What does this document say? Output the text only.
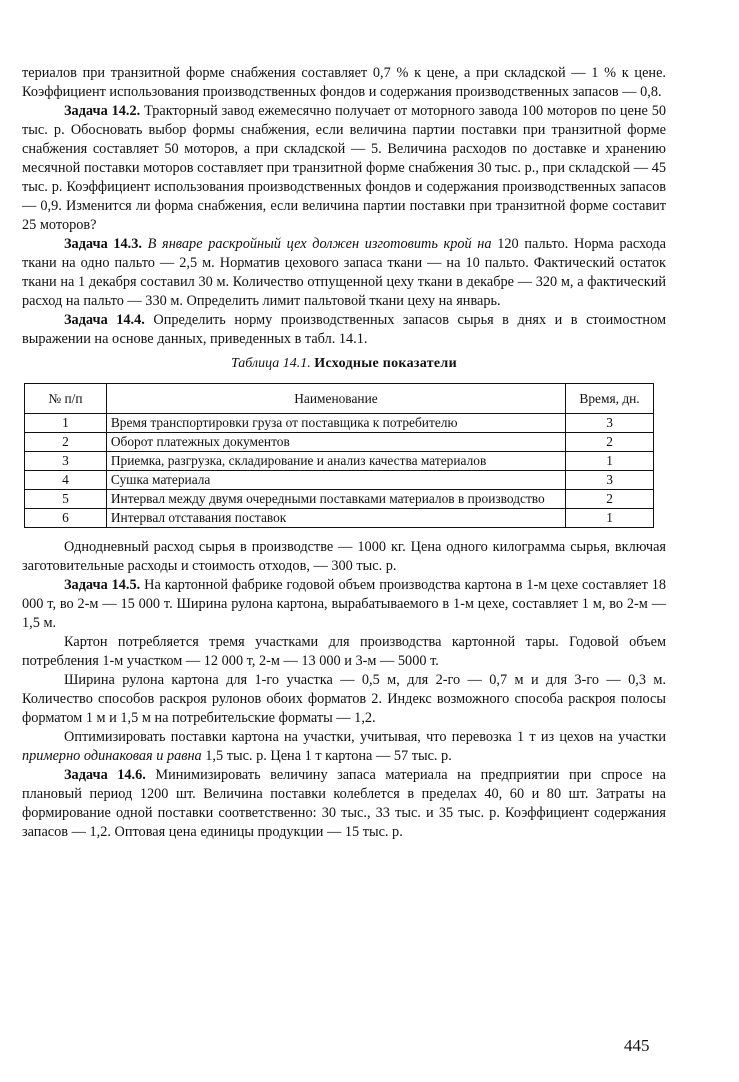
териалов при транзитной форме снабжения составляет 0,7 % к цене, а при складской — 1 % к цене. Коэффициент использования производственных фондов и содержания производственных запасов — 0,8.

Задача 14.2. Тракторный завод ежемесячно получает от моторного завода 100 моторов по цене 50 тыс. р. Обосновать выбор формы снабжения, если величина партии поставки при транзитной форме снабжения составляет 50 моторов, а при складской — 5. Величина расходов по доставке и хранению месячной поставки моторов составляет при транзитной форме снабжения 30 тыс. р., при складской — 45 тыс. р. Коэффициент использования производственных фондов и содержания производственных запасов — 0,9. Изменится ли форма снабжения, если величина партии поставки при транзитной форме составит 25 моторов?

Задача 14.3. В январе раскройный цех должен изготовить крой на 120 пальто. Норма расхода ткани на одно пальто — 2,5 м. Норматив цехового запаса ткани — на 10 пальто. Фактический остаток ткани на 1 декабря составил 30 м. Количество отпущенной цеху ткани в декабре — 320 м, а фактический расход на пальто — 330 м. Определить лимит пальтовой ткани цеху на январь.

Задача 14.4. Определить норму производственных запасов сырья в днях и в стоимостном выражении на основе данных, приведенных в табл. 14.1.

Таблица 14.1. Исходные показатели
№ п/п	Наименование	Время, дн.
1	Время транспортировки груза от поставщика к потребителю	3
2	Оборот платежных документов	2
3	Приемка, разгрузка, складирование и анализ качества материалов	1
4	Сушка материала	3
5	Интервал между двумя очередными поставками материалов в производство	2
6	Интервал отставания поставок	1

Однодневный расход сырья в производстве — 1000 кг. Цена одного килограмма сырья, включая заготовительные расходы и стоимость отходов, — 300 тыс. р.

Задача 14.5. На картонной фабрике годовой объем производства картона в 1-м цехе составляет 18 000 т, во 2-м — 15 000 т. Ширина рулона картона, вырабатываемого в 1-м цехе, составляет 1 м, во 2-м — 1,5 м.

Картон потребляется тремя участками для производства картонной тары. Годовой объем потребления 1-м участком — 12 000 т, 2-м — 13 000 и 3-м — 5000 т.

Ширина рулона картона для 1-го участка — 0,5 м, для 2-го — 0,7 м и для 3-го — 0,3 м. Количество способов раскроя рулонов обоих форматов 2. Индекс возможного способа раскроя полосы форматом 1 м и 1,5 м на потребительские форматы — 1,2.

Оптимизировать поставки картона на участки, учитывая, что перевозка 1 т из цехов на участки примерно одинаковая и равна 1,5 тыс. р. Цена 1 т картона — 57 тыс. р.

Задача 14.6. Минимизировать величину запаса материала на предприятии при спросе на плановый период 1200 шт. Величина поставки колеблется в пределах 40, 60 и 80 шт. Затраты на формирование одной поставки соответственно: 30 тыс., 33 тыс. и 35 тыс. р. Коэффициент содержания запасов — 1,2. Оптовая цена единицы продукции — 15 тыс. р.

445
